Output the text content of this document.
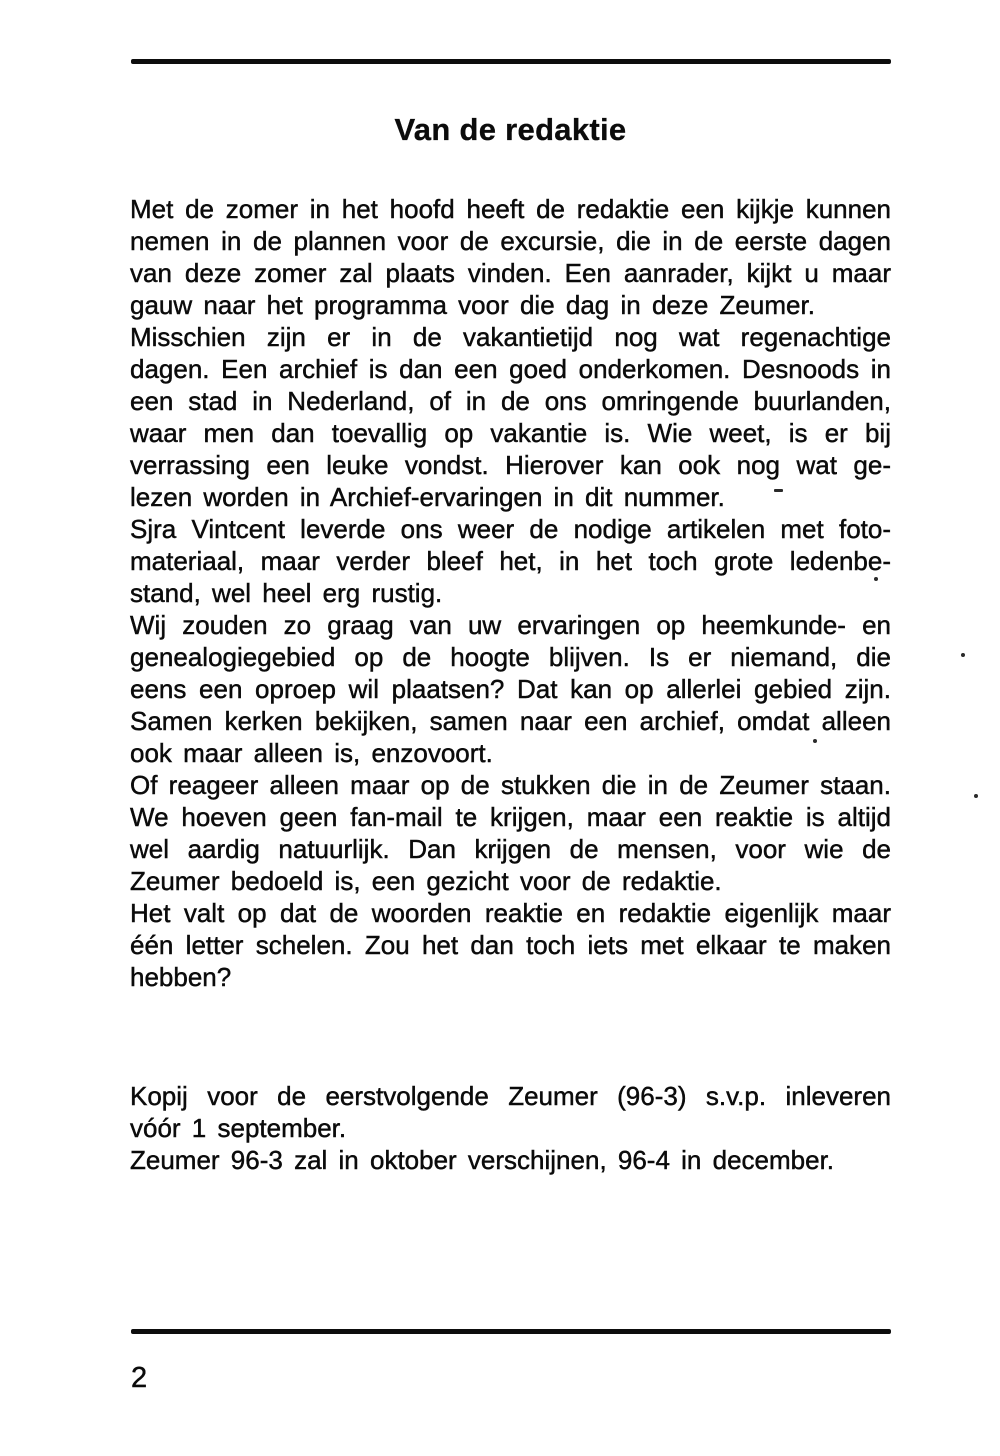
Van de redaktie
Met de zomer in het hoofd heeft de redaktie een kijkje kunnen
nemen in de plannen voor de excursie, die in de eerste dagen
van deze zomer zal plaats vinden. Een aanrader, kijkt u maar
gauw naar het programma voor die dag in deze Zeumer.
Misschien zijn er in de vakantietijd nog wat regenachtige
dagen. Een archief is dan een goed onderkomen. Desnoods in
een stad in Nederland, of in de ons omringende buurlanden,
waar men dan toevallig op vakantie is. Wie weet, is er bij
verrassing een leuke vondst. Hierover kan ook nog wat ge-
lezen worden in Archief-ervaringen in dit nummer.
Sjra Vintcent leverde ons weer de nodige artikelen met foto-
materiaal, maar verder bleef het, in het toch grote ledenbe-
stand, wel heel erg rustig.
Wij zouden zo graag van uw ervaringen op heemkunde- en
genealogiegebied op de hoogte blijven. Is er niemand, die
eens een oproep wil plaatsen? Dat kan op allerlei gebied zijn.
Samen kerken bekijken, samen naar een archief, omdat alleen
ook maar alleen is, enzovoort.
Of reageer alleen maar op de stukken die in de Zeumer staan.
We hoeven geen fan-mail te krijgen, maar een reaktie is altijd
wel aardig natuurlijk. Dan krijgen de mensen, voor wie de
Zeumer bedoeld is, een gezicht voor de redaktie.
Het valt op dat de woorden reaktie en redaktie eigenlijk maar
één letter schelen. Zou het dan toch iets met elkaar te maken
hebben?
Kopij voor de eerstvolgende Zeumer (96-3) s.v.p. inleveren
vóór 1 september.
Zeumer 96-3 zal in oktober verschijnen, 96-4 in december.
2
